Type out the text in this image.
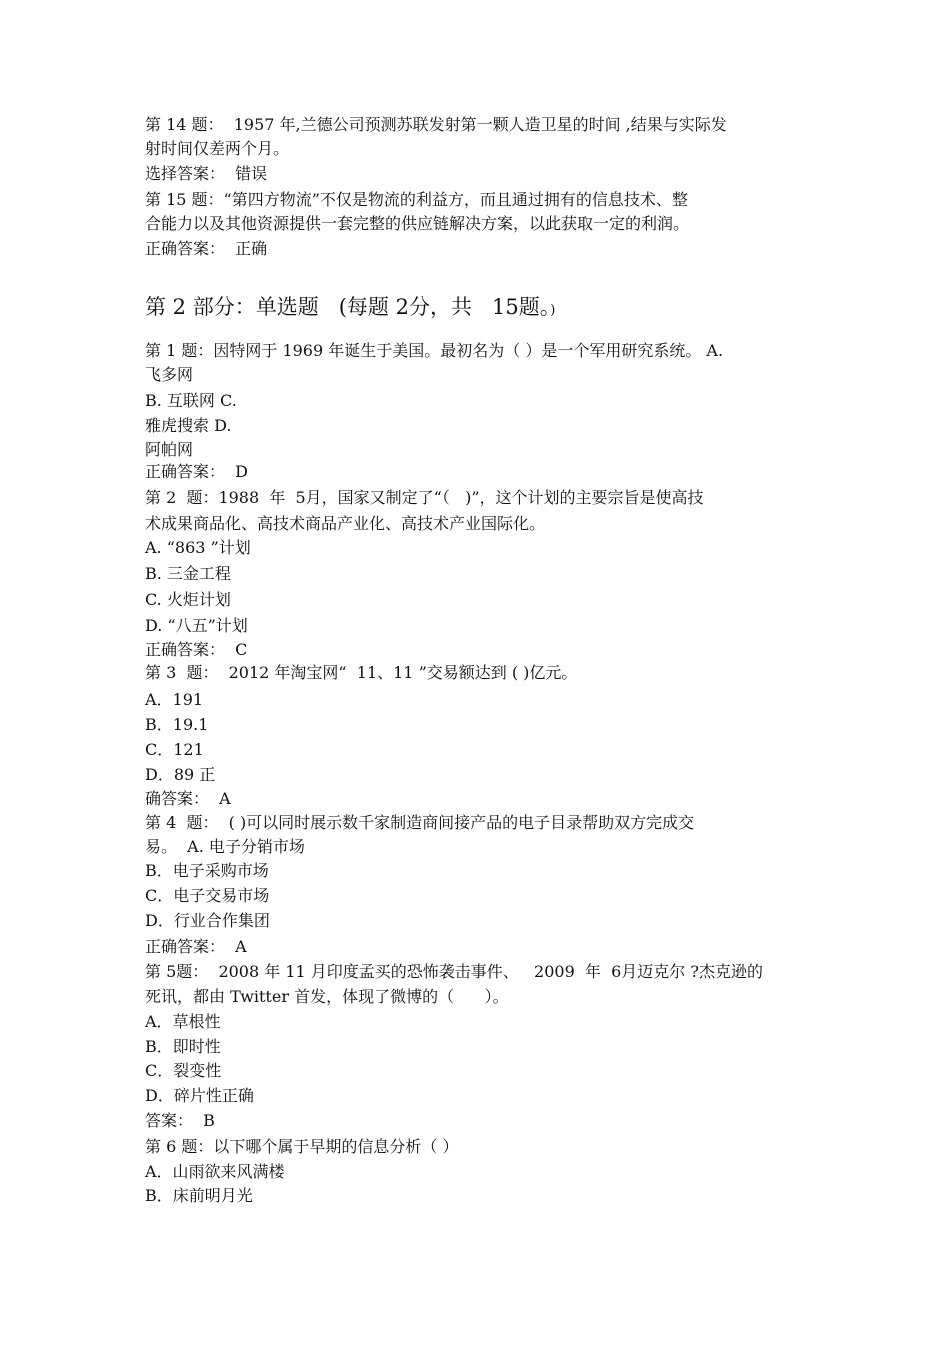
第 14 题：  1957 年,兰德公司预测苏联发射第一颗人造卫星的时间 ,结果与实际发
射时间仅差两个月。
选择答案：  错误
第 15 题：“第四方物流”不仅是物流的利益方，而且通过拥有的信息技术、整
合能力以及其他资源提供一套完整的供应链解决方案，以此获取一定的利润。
正确答案：  正确
第 2 部分：单选题   (每题 2分，共   15题。)
第 1 题：因特网于 1969 年诞生于美国。最初名为（ ）是一个军用研究系统。 A.
飞多网
B. 互联网 C.
雅虎搜索 D.
阿帕网
正确答案：  D
第 2  题：1988  年  5月，国家又制定了“（   )”，这个计划的主要宗旨是使高技
术成果商品化、高技术商品产业化、高技术产业国际化。
A. “863 ”计划
B. 三金工程
C. 火炬计划
D. “八五”计划
正确答案：  C
第 3  题：  2012 年淘宝网“  11、11 ”交易额达到 ( )亿元。
A．191
B．19.1
C．121
D．89 正
确答案：  A
第 4  题：  ( )可以同时展示数千家制造商间接产品的电子目录帮助双方完成交
易。  A. 电子分销市场
B．电子采购市场
C．电子交易市场
D．行业合作集团
正确答案：  A
第 5题：  2008 年 11 月印度孟买的恐怖袭击事件、   2009  年  6月迈克尔 ?杰克逊的
死讯，都由 Twitter 首发，体现了微博的（      ）。
A．草根性
B．即时性
C．裂变性
D．碎片性正确
答案：  B
第 6 题：以下哪个属于早期的信息分析（ ）
A．山雨欲来风满楼
B．床前明月光
